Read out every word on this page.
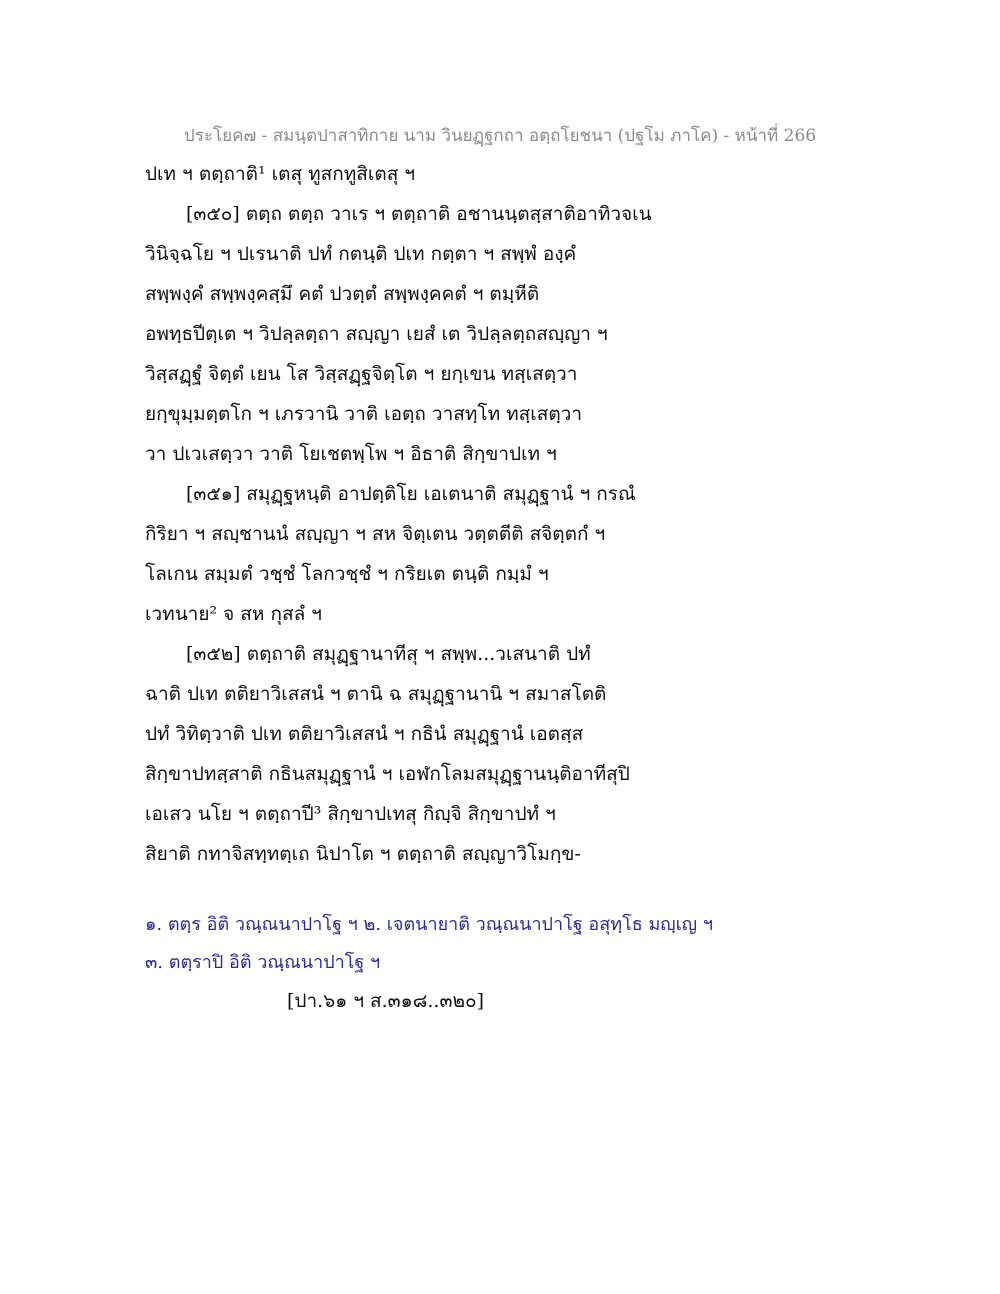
ประโยค๗ - สมนฺตปาสาทิกาย นาม วินยฏฺฐกถา อตฺถโยชนา (ปฐโม ภาโค) - หน้าที่ 266
ปเท ฯ ตตฺถาติ¹ เตสุ ทูสกทูสิเตสุ ฯ
[๓๕๐] ตตฺถ ตตฺถ วาเร ฯ ตตฺถาติ อชานนฺตสฺสาติอาทิวจเน
วินิจฺฉโย ฯ ปเรนาติ ปทํ กตนฺติ ปเท กตฺตา ฯ สพฺพํ องฺคํ
สพฺพงฺคํ สพฺพงฺคสฺมึ คตํ ปวตฺตํ สพฺพงฺคคตํ ฯ ตมฺหีติ
อพทฺธปีตฺเต ฯ วิปลฺลตฺถา สญฺญา เยสํ เต วิปลฺลตฺถสญฺญา ฯ
วิสฺสฏฺฐํ จิตฺตํ เยน โส วิสฺสฏฺฐจิตฺโต ฯ ยกฺเขน ทสฺเสตฺวา
ยกฺขุมฺมตฺตโก ฯ เภรวานิ วาติ เอตฺถ วาสทฺโท ทสฺเสตฺวา
วา ปเวเสตฺวา วาติ โยเชตพฺโพ ฯ อิธาติ สิกฺขาปเท ฯ
[๓๕๑] สมุฏฺฐหนฺติ อาปตฺติโย เอเตนาติ สมุฏฺฐานํ ฯ กรณํ
กิริยา ฯ สญฺชานนํ สญฺญา ฯ สห จิตฺเตน วตฺตตีติ สจิตฺตกํ ฯ
โลเกน สมฺมตํ วชฺชํ โลกวชฺชํ ฯ กริยเต ตนฺติ กมฺมํ ฯ
เวทนาย² จ สห กุสลํ ฯ
[๓๕๒] ตตฺถาติ สมุฏฺฐานาทีสุ ฯ สพฺพ...วเสนาติ ปทํ
ฉาติ ปเท ตติยาวิเสสนํ ฯ ตานิ ฉ สมุฏฺฐานานิ ฯ สมาสโตติ
ปทํ วิทิตฺวาติ ปเท ตติยาวิเสสนํ ฯ กธินํ สมุฏฺฐานํ เอตสฺส
สิกฺขาปทสฺสาติ กธินสมุฏฺฐานํ ฯ เอฬกโลมสมุฏฺฐานนฺติอาทีสุปิ
เอเสว นโย ฯ ตตฺถาปี³ สิกฺขาปเทสุ กิญฺจิ สิกฺขาปทํ ฯ
สิยาติ กทาจิสทฺทตฺเถ นิปาโต ฯ ตตฺถาติ สญฺญาวิโมกฺข-
๑. ตตฺร อิติ วณฺณนาปาโฐ ฯ ๒. เจตนายาติ วณฺณนาปาโฐ อสุทฺโธ มญฺเญ ฯ
๓. ตตฺราปิ อิติ วณฺณนาปาโฐ ฯ
[ปา.๖๑ ฯ ส.๓๑๘..๓๒๐]
